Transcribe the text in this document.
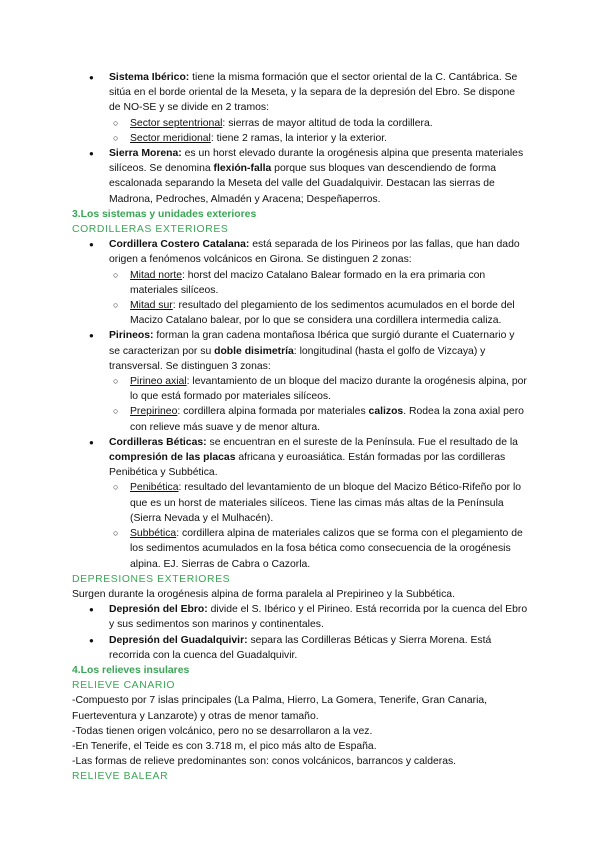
● Sistema Ibérico: tiene la misma formación que el sector oriental de la C. Cantábrica. Se sitúa en el borde oriental de la Meseta, y la separa de la depresión del Ebro. Se dispone de NO-SE y se divide en 2 tramos:
○ Sector septentrional: sierras de mayor altitud de toda la cordillera.
○ Sector meridional: tiene 2 ramas, la interior y la exterior.
● Sierra Morena: es un horst elevado durante la orogénesis alpina que presenta materiales silíceos. Se denomina flexión-falla porque sus bloques van descendiendo de forma escalonada separando la Meseta del valle del Guadalquivir. Destacan las sierras de Madrona, Pedroches, Almadén y Aracena; Despeñaperros.

3.Los sistemas y unidades exteriores

CORDILLERAS EXTERIORES

● Cordillera Costero Catalana: está separada de los Pirineos por las fallas, que han dado origen a fenómenos volcánicos en Girona. Se distinguen 2 zonas:
○ Mitad norte: horst del macizo Catalano Balear formado en la era primaria con materiales silíceos.
○ Mitad sur: resultado del plegamiento de los sedimentos acumulados en el borde del Macizo Catalano balear, por lo que se considera una cordillera intermedia caliza.
● Pirineos: forman la gran cadena montañosa Ibérica que surgió durante el Cuaternario y se caracterizan por su doble disimetría: longitudinal (hasta el golfo de Vizcaya) y transversal. Se distinguen 3 zonas:
○ Pirineo axial: levantamiento de un bloque del macizo durante la orogénesis alpina, por lo que está formado por materiales silíceos.
○ Prepirineo: cordillera alpina formada por materiales calizos. Rodea la zona axial pero con relieve más suave y de menor altura.
● Cordilleras Béticas: se encuentran en el sureste de la Península. Fue el resultado de la compresión de las placas africana y euroasiática. Están formadas por las cordilleras Penibética y Subbética.
○ Penibética: resultado del levantamiento de un bloque del Macizo Bético-Rifeño por lo que es un horst de materiales silíceos. Tiene las cimas más altas de la Península (Sierra Nevada y el Mulhacén).
○ Subbética: cordillera alpina de materiales calizos que se forma con el plegamiento de los sedimentos acumulados en la fosa bética como consecuencia de la orogénesis alpina. EJ. Sierras de Cabra o Cazorla.

DEPRESIONES EXTERIORES

Surgen durante la orogénesis alpina de forma paralela al Prepirineo y la Subbética.

● Depresión del Ebro: divide el S. Ibérico y el Pirineo. Está recorrida por la cuenca del Ebro y sus sedimentos son marinos y continentales.
● Depresión del Guadalquivir: separa las Cordilleras Béticas y Sierra Morena. Está recorrida con la cuenca del Guadalquivir.

4.Los relieves insulares

RELIEVE CANARIO

-Compuesto por 7 islas principales (La Palma, Hierro, La Gomera, Tenerife, Gran Canaria, Fuerteventura y Lanzarote) y otras de menor tamaño.

-Todas tienen origen volcánico, pero no se desarrollaron a la vez.

-En Tenerife, el Teide es con 3.718 m, el pico más alto de España.

-Las formas de relieve predominantes son: conos volcánicos, barrancos y calderas.

RELIEVE BALEAR
